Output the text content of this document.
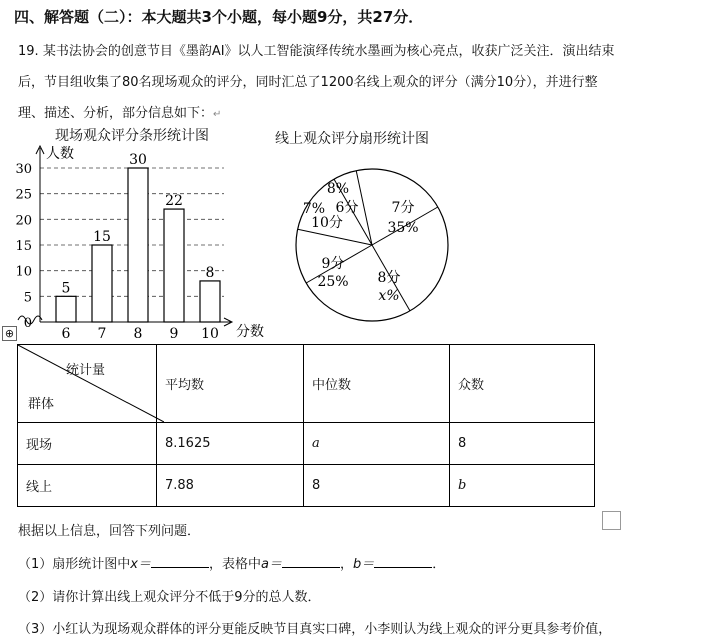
四、解答题（二）：本大题共3个小题，每小题9分，共27分．
19. 某书法协会的创意节目《墨韵AI》以人工智能演绎传统水墨画为核心亮点，收获广泛关注．演出结束
后，节目组收集了80名现场观众的评分，同时汇总了1200名线上观众的评分（满分10分），并进行整
理、描述、分析，部分信息如下：↵
现场观众评分条形统计图
0
5
10
15
20
25
30
人数
分数
5
6
15
7
30
8
22
9
8
10
线上观众评分扇形统计图
6分 7分
35%
8分
x%
9分
25%
10分
7%
8%
⊕
统计量
群体	平均数	中位数	众数
现场	8.1625	a	8
线上	7.88	8	b
根据以上信息，回答下列问题．
（1）扇形统计图中x＝	，表格中a＝	，b＝	．
（2）请你计算出线上观众评分不低于9分的总人数．
（3）小红认为现场观众群体的评分更能反映节目真实口碑，小李则认为线上观众的评分更具参考价值，
